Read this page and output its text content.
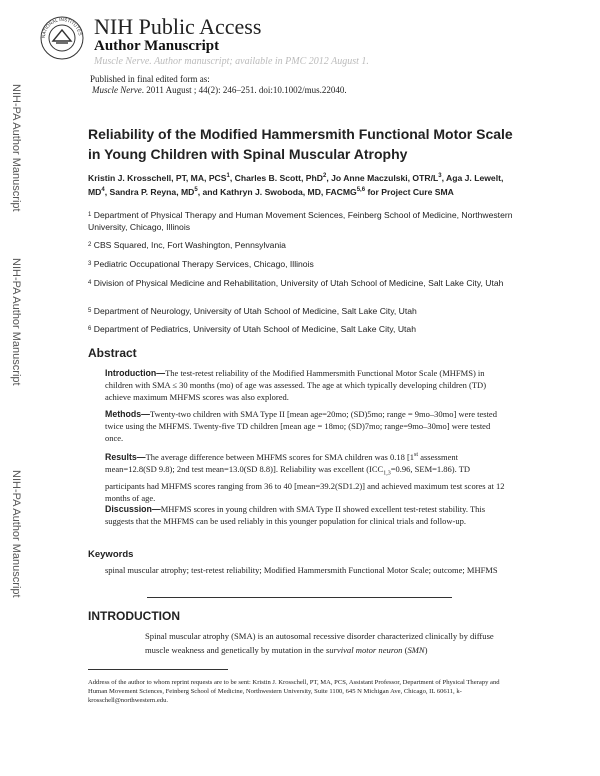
NATIONAL INSTITUTES NIH Public Access
Author Manuscript
Muscle Nerve. Author manuscript; available in PMC 2012 August 1.
NIH-PA Author Manuscript
NIH-PA Author Manuscript
NIH-PA Author Manuscript
Published in final edited form as:
Muscle Nerve. 2011 August ; 44(2): 246–251. doi:10.1002/mus.22040.
Reliability of the Modified Hammersmith Functional Motor Scale in Young Children with Spinal Muscular Atrophy
Kristin J. Krosschell, PT, MA, PCS$^1$, Charles B. Scott, PhD$^2$, Jo Anne Maczulski, OTR/$L^3$, Aga J. Lewelt, $MD^4$, Sandra P. Reyna, $MD^5$, and Kathryn J. Swoboda, MD, FACMG$^{5,6}$ for Project Cure SMA
$^1$ Department of Physical Therapy and Human Movement Sciences, Feinberg School of Medicine, Northwestern University, Chicago, Illinois
$^2$ CBS Squared, Inc, Fort Washington, Pennsylvania
$^3$ Pediatric Occupational Therapy Services, Chicago, Illinois
$^4$ Division of Physical Medicine and Rehabilitation, University of Utah School of Medicine, Salt Lake City, Utah
$^5$ Department of Neurology, University of Utah School of Medicine, Salt Lake City, Utah
$^6$ Department of Pediatrics, University of Utah School of Medicine, Salt Lake City, Utah
Abstract
Introduction—The test-retest reliability of the Modified Hammersmith Functional Motor Scale (MHFMS) in children with SMA ≤ 30 months (mo) of age was assessed. The age at which typically developing children (TD) achieve maximum MHFMS scores was also explored.
Methods—Twenty-two children with SMA Type II [mean age=20mo; (SD)5mo; range = 9mo–30mo] were tested twice using the MHFMS. Twenty-five TD children [mean age = 18mo; (SD)7mo; range=9mo–30mo] were tested once.
Results—The average difference between MHFMS scores for SMA children was 0.18 [1st assessment mean=12.8(SD 9.8); 2nd test mean=13.0(SD 8.8)]. Reliability was excellent ($ICC_{1,3}=0.96$, SEM=1.86). TD participants had MHFMS scores ranging from 36 to 40 [mean=39.2(SD1.2)] and achieved maximum test scores at 12 months of age.
Discussion—MHFMS scores in young children with SMA Type II showed excellent test-retest stability. This suggests that the MHFMS can be used reliably in this younger population for clinical trials and follow-up.
Keywords
spinal muscular atrophy; test-retest reliability; Modified Hammersmith Functional Motor Scale; outcome; MHFMS
INTRODUCTION
Spinal muscular atrophy (SMA) is an autosomal recessive disorder characterized clinically by diffuse muscle weakness and genetically by mutation in the survival motor neuron (SMN)
Address of the author to whom reprint requests are to be sent: Kristin J. Krosschell, PT, MA, PCS, Assistant Professor, Department of Physical Therapy and Human Movement Sciences, Feinberg School of Medicine, Northwestern University, Suite 1100, 645 N Michigan Ave, Chicago, IL 60611, k-krosschell@northwestern.edu.
